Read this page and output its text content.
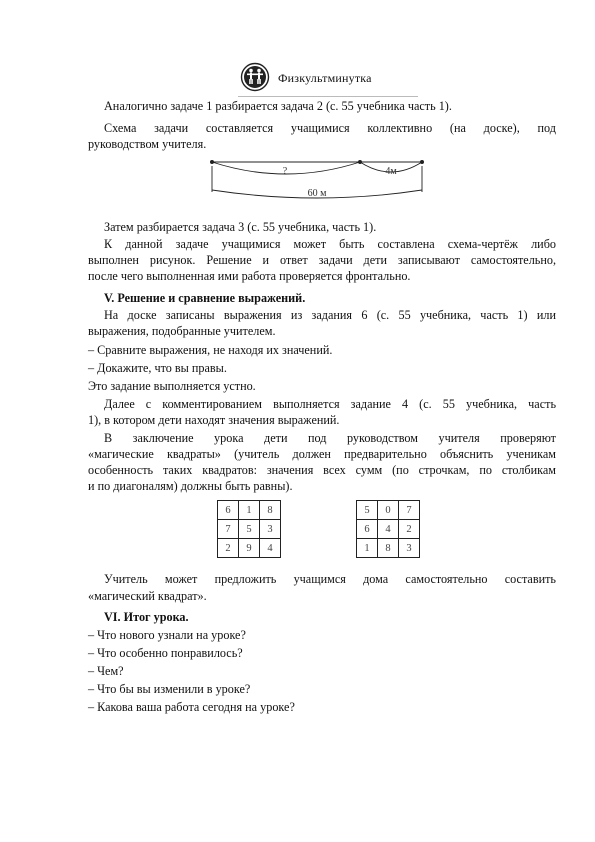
Физкультминутка
Аналогично задаче 1 разбирается задача 2 (с. 55 учебника часть 1).
Схема задачи составляется учащимися коллективно (на доске), под
руководством учителя.
?	4м
60 м
Затем разбирается задача 3 (с. 55 учебника, часть 1).
К данной задаче учащимися может быть составлена схема-чертёж либо
выполнен рисунок. Решение и ответ задачи дети записывают самостоятельно,
после чего выполненная ими работа проверяется фронтально.
V. Решение и сравнение выражений.
На доске записаны выражения из задания 6 (с. 55 учебника, часть 1) или
выражения, подобранные учителем.
– Сравните выражения, не находя их значений.
– Докажите, что вы правы.
Это задание выполняется устно.
Далее с комментированием выполняется задание 4 (с. 55 учебника, часть
1), в котором дети находят значения выражений.
В заключение урока дети под руководством учителя проверяют
«магические квадраты» (учитель должен предварительно объяснить ученикам
особенность таких квадратов: значения всех сумм (по строчкам, по столбикам
и по диагоналям) должны быть равны).
6	1	8
7	5	3
2	9	4
5	0	7
6	4	2
1	8	3
Учитель может предложить учащимся дома самостоятельно составить
«магический квадрат».
VI. Итог урока.
– Что нового узнали на уроке?
– Что особенно понравилось?
– Чем?
– Что бы вы изменили в уроке?
– Какова ваша работа сегодня на уроке?
